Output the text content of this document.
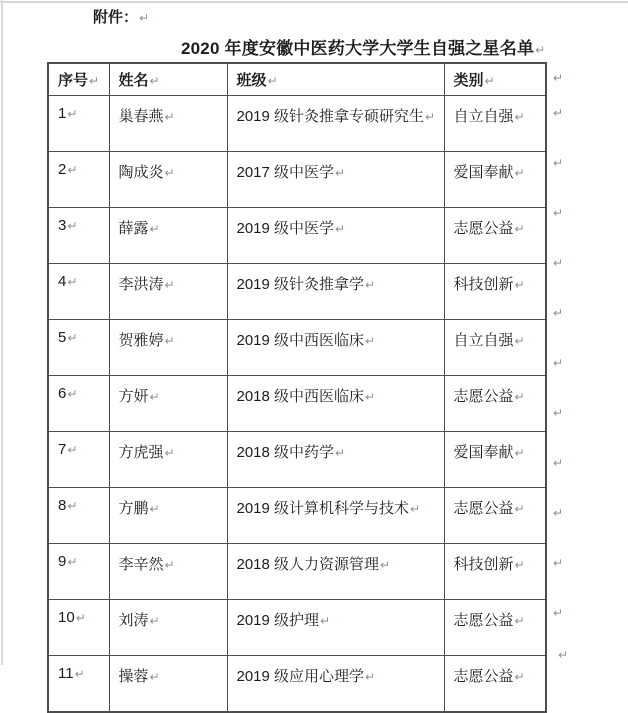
附件：↵
2020 年度安徽中医药大学大学生自强之星名单↵
序号↵	姓名↵	班级↵	类别↵
1↵	巢春燕↵	2019 级针灸推拿专硕研究生↵	自立自强↵
2↵	陶成炎↵	2017 级中医学↵	爱国奉献↵
3↵	薛露↵	2019 级中医学↵	志愿公益↵
4↵	李洪涛↵	2019 级针灸推拿学↵	科技创新↵
5↵	贺雅婷↵	2019 级中西医临床↵	自立自强↵
6↵	方妍↵	2018 级中西医临床↵	志愿公益↵
7↵	方虎强↵	2018 级中药学↵	爱国奉献↵
8↵	方鹏↵	2019 级计算机科学与技术↵	志愿公益↵
9↵	李辛然↵	2018 级人力资源管理↵	科技创新↵
10↵	刘涛↵	2019 级护理↵	志愿公益↵
11↵	操蓉↵	2019 级应用心理学↵	志愿公益↵
↵
↵
↵
↵
↵
↵
↵
↵
↵
↵
↵
↵
↵
